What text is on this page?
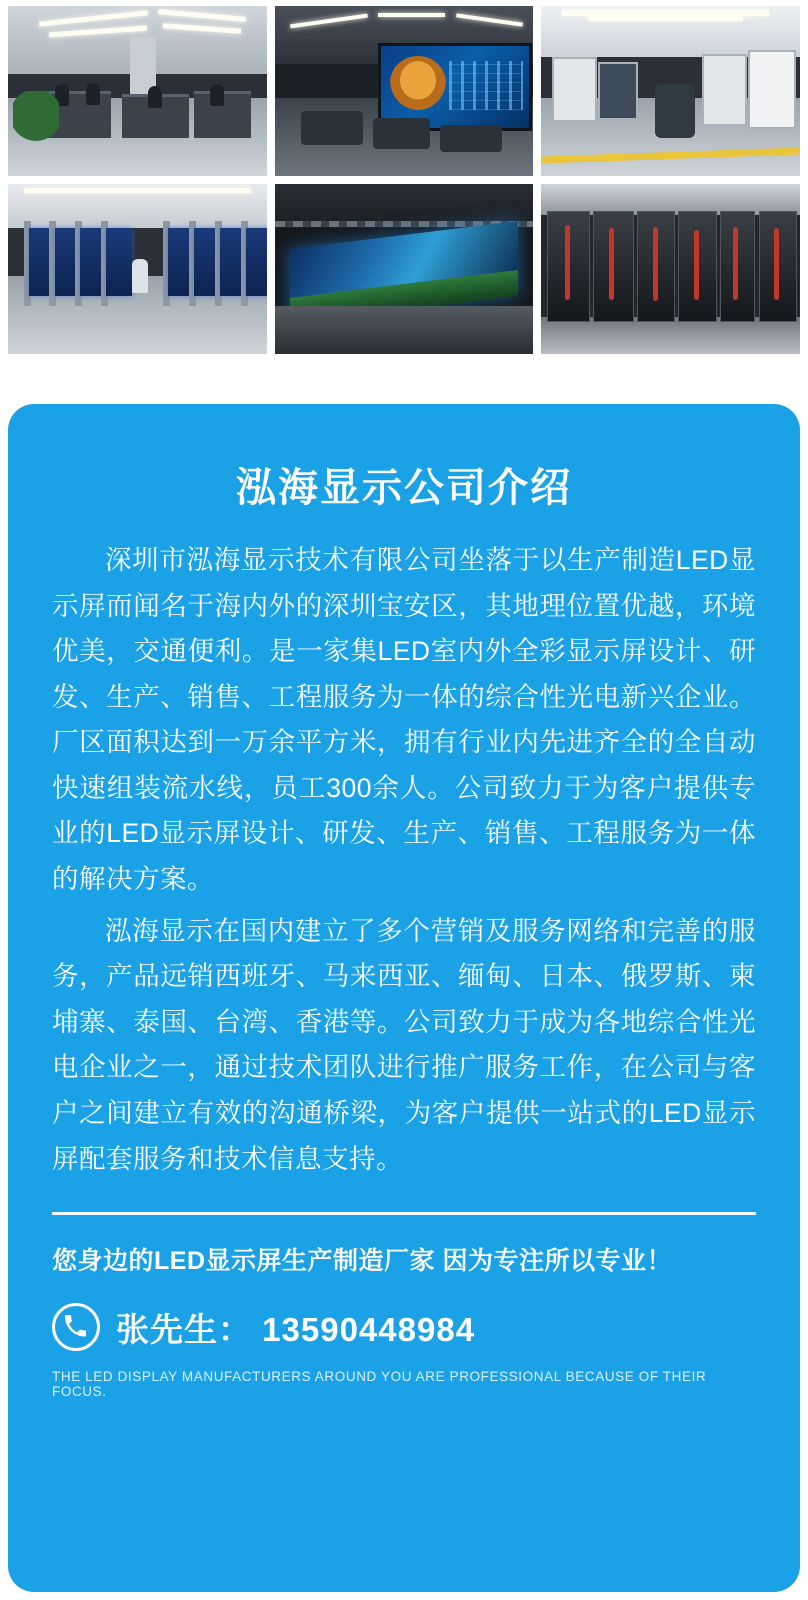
泓海显示公司介绍

深圳市泓海显示技术有限公司坐落于以生产制造LED显示屏而闻名于海内外的深圳宝安区，其地理位置优越，环境优美，交通便利。是一家集LED室内外全彩显示屏设计、研发、生产、销售、工程服务为一体的综合性光电新兴企业。厂区面积达到一万余平方米，拥有行业内先进齐全的全自动快速组装流水线，员工300余人。公司致力于为客户提供专业的LED显示屏设计、研发、生产、销售、工程服务为一体的解决方案。

泓海显示在国内建立了多个营销及服务网络和完善的服务，产品远销西班牙、马来西亚、缅甸、日本、俄罗斯、柬埔寨、泰国、台湾、香港等。公司致力于成为各地综合性光电企业之一，通过技术团队进行推广服务工作，在公司与客户之间建立有效的沟通桥梁，为客户提供一站式的LED显示屏配套服务和技术信息支持。

您身边的LED显示屏生产制造厂家 因为专注所以专业！
张先生： 13590448984
THE LED DISPLAY MANUFACTURERS AROUND YOU ARE PROFESSIONAL BECAUSE OF THEIR FOCUS.
